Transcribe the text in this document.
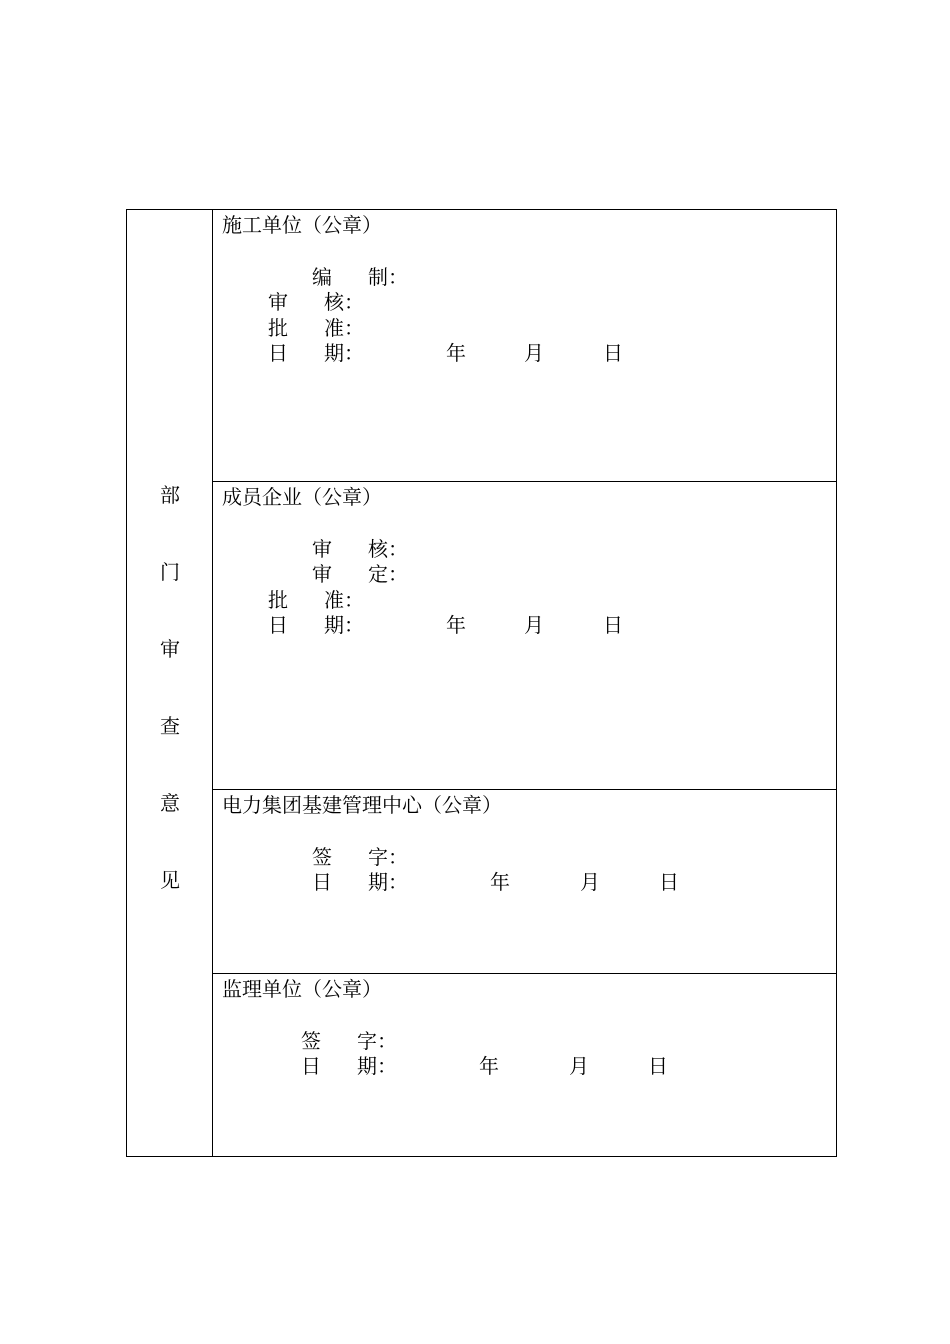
部
门
审
查
意
见
施工单位（公章）
编 制：
审 核：
批 准：
日 期：	年	月	日
成员企业（公章）
审 核：
审 定：
批 准：
日 期：	年	月	日
电力集团基建管理中心（公章）
签 字：
日 期：	年	月	日
监理单位（公章）
签 字：
日 期：	年	月	日
